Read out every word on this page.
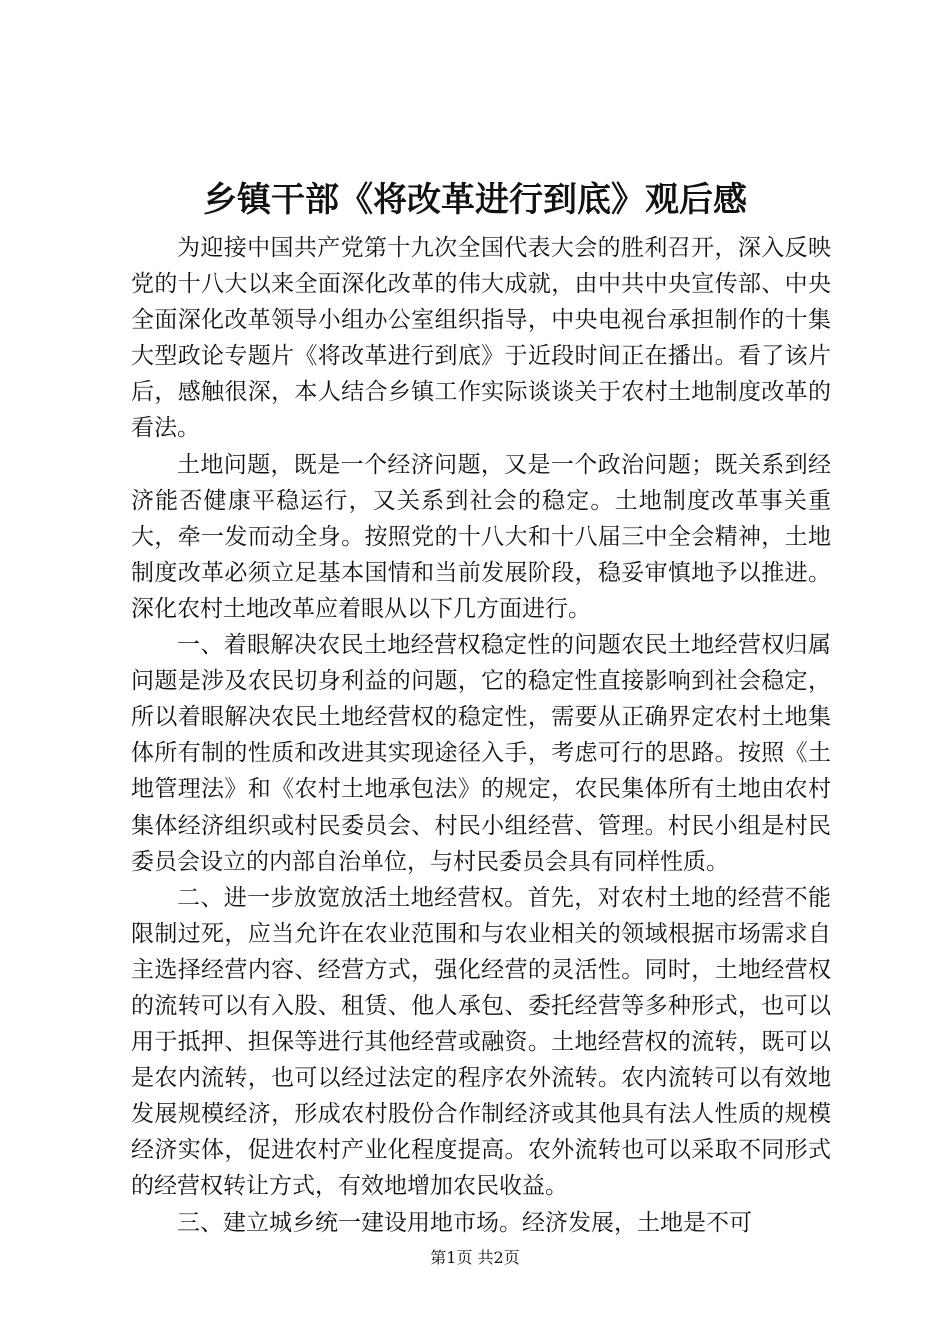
乡镇干部《将改革进行到底》观后感

为迎接中国共产党第十九次全国代表大会的胜利召开，深入反映党的十八大以来全面深化改革的伟大成就，由中共中央宣传部、中央全面深化改革领导小组办公室组织指导，中央电视台承担制作的十集大型政论专题片《将改革进行到底》于近段时间正在播出。看了该片后，感触很深，本人结合乡镇工作实际谈谈关于农村土地制度改革的看法。

土地问题，既是一个经济问题，又是一个政治问题；既关系到经济能否健康平稳运行，又关系到社会的稳定。土地制度改革事关重大，牵一发而动全身。按照党的十八大和十八届三中全会精神，土地制度改革必须立足基本国情和当前发展阶段，稳妥审慎地予以推进。深化农村土地改革应着眼从以下几方面进行。

一、着眼解决农民土地经营权稳定性的问题农民土地经营权归属问题是涉及农民切身利益的问题，它的稳定性直接影响到社会稳定，所以着眼解决农民土地经营权的稳定性，需要从正确界定农村土地集体所有制的性质和改进其实现途径入手，考虑可行的思路。按照《土地管理法》和《农村土地承包法》的规定，农民集体所有土地由农村集体经济组织或村民委员会、村民小组经营、管理。村民小组是村民委员会设立的内部自治单位，与村民委员会具有同样性质。

二、进一步放宽放活土地经营权。首先，对农村土地的经营不能限制过死，应当允许在农业范围和与农业相关的领域根据市场需求自主选择经营内容、经营方式，强化经营的灵活性。同时，土地经营权的流转可以有入股、租赁、他人承包、委托经营等多种形式，也可以用于抵押、担保等进行其他经营或融资。土地经营权的流转，既可以是农内流转，也可以经过法定的程序农外流转。农内流转可以有效地发展规模经济，形成农村股份合作制经济或其他具有法人性质的规模经济实体，促进农村产业化程度提高。农外流转也可以采取不同形式的经营权转让方式，有效地增加农民收益。

三、建立城乡统一建设用地市场。经济发展，土地是不可

第1页 共2页
